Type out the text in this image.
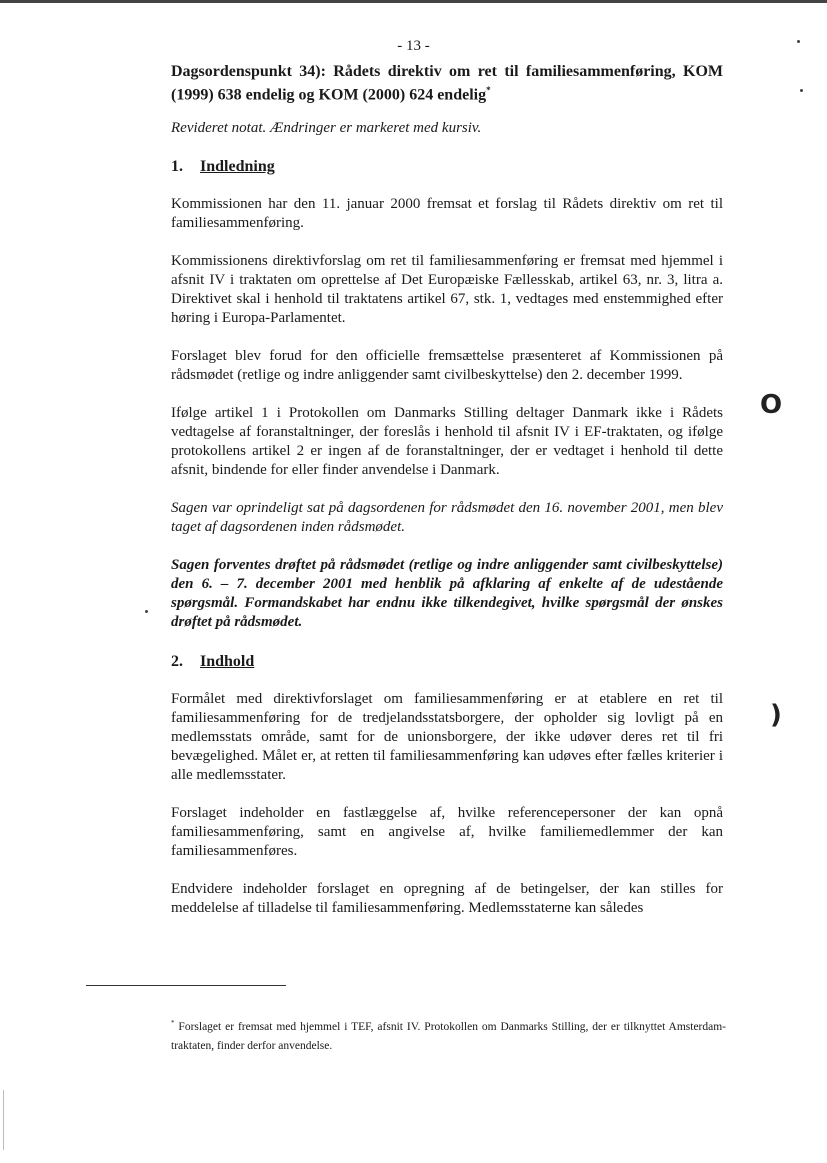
- 13 -

Dagsordenspunkt 34): Rådets direktiv om ret til familiesammenføring, KOM (1999) 638 endelig og KOM (2000) 624 endelig*

Revideret notat. Ændringer er markeret med kursiv.

1. Indledning

Kommissionen har den 11. januar 2000 fremsat et forslag til Rådets direktiv om ret til familiesammenføring.

Kommissionens direktivforslag om ret til familiesammenføring er fremsat med hjemmel i afsnit IV i traktaten om oprettelse af Det Europæiske Fællesskab, artikel 63, nr. 3, litra a. Direktivet skal i henhold til traktatens artikel 67, stk. 1, vedtages med enstemmighed efter høring i Europa-Parlamentet.

Forslaget blev forud for den officielle fremsættelse præsenteret af Kommissionen på rådsmødet (retlige og indre anliggender samt civilbeskyttelse) den 2. december 1999.

Ifølge artikel 1 i Protokollen om Danmarks Stilling deltager Danmark ikke i Rådets vedtagelse af foranstaltninger, der foreslås i henhold til afsnit IV i EF-traktaten, og ifølge protokollens artikel 2 er ingen af de foranstaltninger, der er vedtaget i henhold til dette afsnit, bindende for eller finder anvendelse i Danmark.

Sagen var oprindeligt sat på dagsordenen for rådsmødet den 16. november 2001, men blev taget af dagsordenen inden rådsmødet.

Sagen forventes drøftet på rådsmødet (retlige og indre anliggender samt civilbeskyttelse) den 6. – 7. december 2001 med henblik på afklaring af enkelte af de udestående spørgsmål. Formandskabet har endnu ikke tilkendegivet, hvilke spørgsmål der ønskes drøftet på rådsmødet.

2. Indhold

Formålet med direktivforslaget om familiesammenføring er at etablere en ret til familiesammenføring for de tredjelandsstatsborgere, der opholder sig lovligt på en medlemsstats område, samt for de unionsborgere, der ikke udøver deres ret til fri bevægelighed. Målet er, at retten til familiesammenføring kan udøves efter fælles kriterier i alle medlemsstater.

Forslaget indeholder en fastlæggelse af, hvilke referencepersoner der kan opnå familiesammenføring, samt en angivelse af, hvilke familiemedlemmer der kan familiesammenføres.

Endvidere indeholder forslaget en opregning af de betingelser, der kan stilles for meddelelse af tilladelse til familiesammenføring. Medlemsstaterne kan således

* Forslaget er fremsat med hjemmel i TEF, afsnit IV. Protokollen om Danmarks Stilling, der er tilknyttet Amsterdam-traktaten, finder derfor anvendelse.
O
)
